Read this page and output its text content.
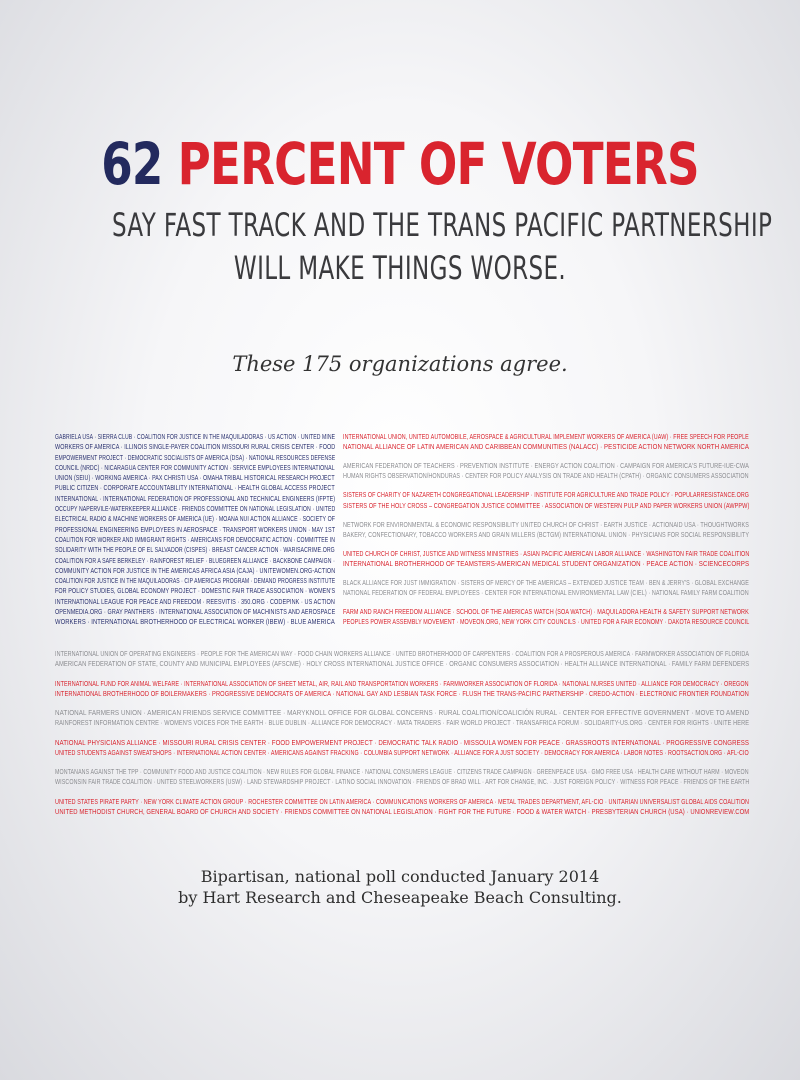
62 PERCENT OF VOTERS
SAY FAST TRACK AND THE TRANS PACIFIC PARTNERSHIP
WILL MAKE THINGS WORSE.
These 175 organizations agree.
GABRIELA USA · SIERRA CLUB · COALITION FOR JUSTICE IN THE MAQUILADORAS · US ACTION · UNITED MINE
WORKERS OF AMERICA · ILLINOIS SINGLE-PAYER COALITION MISSOURI RURAL CRISIS CENTER · FOOD
EMPOWERMENT PROJECT · DEMOCRATIC SOCIALISTS OF AMERICA (DSA) · NATIONAL RESOURCES DEFENSE
COUNCIL (NRDC) · NICARAGUA CENTER FOR COMMUNITY ACTION · SERVICE EMPLOYEES INTERNATIONAL
UNION (SEIU) · WORKING AMERICA · PAX CHRISTI USA · OMAHA TRIBAL HISTORICAL RESEARCH PROJECT
PUBLIC CITIZEN · CORPORATE ACCOUNTABILITY INTERNATIONAL · HEALTH GLOBAL ACCESS PROJECT
INTERNATIONAL · INTERNATIONAL FEDERATION OF PROFESSIONAL AND TECHNICAL ENGINEERS (IFPTE)
OCCUPY NAPERVILE-WATERKEEPER ALLIANCE · FRIENDS COMMITTEE ON NATIONAL LEGISLATION · UNITED
ELECTRICAL RADIO & MACHINE WORKERS OF AMERICA (UE) · MOANA NUI ACTION ALLIANCE · SOCIETY OF
PROFESSIONAL ENGINEERING EMPLOYEES IN AEROSPACE · TRANSPORT WORKERS UNION · MAY 1ST
COALITION FOR WORKER AND IMMIGRANT RIGHTS · AMERICANS FOR DEMOCRATIC ACTION · COMMITTEE IN
SOLIDARITY WITH THE PEOPLE OF EL SALVADOR (CISPES) · BREAST CANCER ACTION · WARISACRIME.ORG
COALITION FOR A SAFE BERKELEY · RAINFOREST RELIEF · BLUEGREEN ALLIANCE · BACKBONE CAMPAIGN ·
COMMUNITY ACTION FOR JUSTICE IN THE AMERICAS AFRICA ASIA (CAJA) · UNITEWOMEN.ORG-ACTION
COALITION FOR JUSTICE IN THE MAQUILADORAS · CIP AMERICAS PROGRAM · DEMAND PROGRESS INSTITUTE
FOR POLICY STUDIES, GLOBAL ECONOMY PROJECT · DOMESTIC FAIR TRADE ASSOCIATION · WOMEN'S
INTERNATIONAL LEAGUE FOR PEACE AND FREEDOM · REESVITIS · 350.ORG · CODEPINK · US ACTION
OPENMEDIA.ORG · GRAY PANTHERS · INTERNATIONAL ASSOCIATION OF MACHINISTS AND AEROSPACE
WORKERS · INTERNATIONAL BROTHERHOOD OF ELECTRICAL WORKER (IBEW) · BLUE AMERICA
INTERNATIONAL UNION, UNITED AUTOMOBILE, AEROSPACE & AGRICULTURAL IMPLEMENT WORKERS OF AMERICA (UAW) · FREE SPEECH FOR PEOPLE
NATIONAL ALLIANCE OF LATIN AMERICAN AND CARIBBEAN COMMUNITIES (NALACC) · PESTICIDE ACTION NETWORK NORTH AMERICA
AMERICAN FEDERATION OF TEACHERS · PREVENTION INSTITUTE · ENERGY ACTION COALITION · CAMPAIGN FOR AMERICA'S FUTURE-IUE-CWA
HUMAN RIGHTS OBSERVATION/HONDURAS · CENTER FOR POLICY ANALYSIS ON TRADE AND HEALTH (CPATH) · ORGANIC CONSUMERS ASSOCIATION
SISTERS OF CHARITY OF NAZARETH CONGREGATIONAL LEADERSHIP · INSTITUTE FOR AGRICULTURE AND TRADE POLICY · POPULARRESISTANCE.ORG
SISTERS OF THE HOLY CROSS – CONGREGATION JUSTICE COMMITTEE · ASSOCIATION OF WESTERN PULP AND PAPER WORKERS UNION (AWPPW)
NETWORK FOR ENVIRONMENTAL & ECONOMIC RESPONSIBILITY UNITED CHURCH OF CHRIST · EARTH JUSTICE · ACTIONAID USA · THOUGHTWORKS
BAKERY, CONFECTIONARY, TOBACCO WORKERS AND GRAIN MILLERS (BCTGM) INTERNATIONAL UNION · PHYSICIANS FOR SOCIAL RESPONSIBILITY
UNITED CHURCH OF CHRIST, JUSTICE AND WITNESS MINISTRIES · ASIAN PACIFIC AMERICAN LABOR ALLIANCE · WASHINGTON FAIR TRADE COALITION
INTERNATIONAL BROTHERHOOD OF TEAMSTERS-AMERICAN MEDICAL STUDENT ORGANIZATION · PEACE ACTION · SCIENCECORPS
BLACK ALLIANCE FOR JUST IMMIGRATION · SISTERS OF MERCY OF THE AMERICAS – EXTENDED JUSTICE TEAM · BEN & JERRY'S · GLOBAL EXCHANGE
NATIONAL FEDERATION OF FEDERAL EMPLOYEES · CENTER FOR INTERNATIONAL ENVIRONMENTAL LAW (CIEL) · NATIONAL FAMILY FARM COALITION
FARM AND RANCH FREEDOM ALLIANCE · SCHOOL OF THE AMERICAS WATCH (SOA WATCH) · MAQUILADORA HEALTH & SAFETY SUPPORT NETWORK
PEOPLES POWER ASSEMBLY MOVEMENT · MOVEON.ORG, NEW YORK CITY COUNCILS · UNITED FOR A FAIR ECONOMY · DAKOTA RESOURCE COUNCIL
INTERNATIONAL UNION OF OPERATING ENGINEERS · PEOPLE FOR THE AMERICAN WAY · FOOD CHAIN WORKERS ALLIANCE · UNITED BROTHERHOOD OF CARPENTERS · COALITION FOR A PROSPEROUS AMERICA · FARMWORKER ASSOCIATION OF FLORIDA
AMERICAN FEDERATION OF STATE, COUNTY AND MUNICIPAL EMPLOYEES (AFSCME) · HOLY CROSS INTERNATIONAL JUSTICE OFFICE · ORGANIC CONSUMERS ASSOCIATION · HEALTH ALLIANCE INTERNATIONAL · FAMILY FARM DEFENDERS
INTERNATIONAL FUND FOR ANIMAL WELFARE · INTERNATIONAL ASSOCIATION OF SHEET METAL, AIR, RAIL AND TRANSPORTATION WORKERS · FARMWORKER ASSOCIATION OF FLORIDA · NATIONAL NURSES UNITED · ALLIANCE FOR DEMOCRACY · OREGON
INTERNATIONAL BROTHERHOOD OF BOILERMAKERS · PROGRESSIVE DEMOCRATS OF AMERICA · NATIONAL GAY AND LESBIAN TASK FORCE · FLUSH THE TRANS-PACIFIC PARTNERSHIP · CREDO-ACTION · ELECTRONIC FRONTIER FOUNDATION
NATIONAL FARMERS UNION · AMERICAN FRIENDS SERVICE COMMITTEE · MARYKNOLL OFFICE FOR GLOBAL CONCERNS · RURAL COALITION/COALICIÓN RURAL · CENTER FOR EFFECTIVE GOVERNMENT · MOVE TO AMEND
RAINFOREST INFORMATION CENTRE · WOMEN'S VOICES FOR THE EARTH · BLUE DUBLIN · ALLIANCE FOR DEMOCRACY · MATA TRADERS · FAIR WORLD PROJECT · TRANSAFRICA FORUM · SOLIDARITY-US.ORG · CENTER FOR RIGHTS · UNITE HERE
NATIONAL PHYSICIANS ALLIANCE · MISSOURI RURAL CRISIS CENTER · FOOD EMPOWERMENT PROJECT · DEMOCRATIC TALK RADIO · MISSOULA WOMEN FOR PEACE · GRASSROOTS INTERNATIONAL · PROGRESSIVE CONGRESS
UNITED STUDENTS AGAINST SWEATSHOPS · INTERNATIONAL ACTION CENTER · AMERICANS AGAINST FRACKING · COLUMBIA SUPPORT NETWORK · ALLIANCE FOR A JUST SOCIETY · DEMOCRACY FOR AMERICA · LABOR NOTES · ROOTSACTION.ORG · AFL-CIO
MONTANANS AGAINST THE TPP · COMMUNITY FOOD AND JUSTICE COALITION · NEW RULES FOR GLOBAL FINANCE · NATIONAL CONSUMERS LEAGUE · CITIZENS TRADE CAMPAIGN · GREENPEACE USA · GMO FREE USA · HEALTH CARE WITHOUT HARM · MOVEON
WISCONSIN FAIR TRADE COALITION · UNITED STEELWORKERS (USW) · LAND STEWARDSHIP PROJECT · LATINO SOCIAL INNOVATION · FRIENDS OF BRAD WILL · ART FOR CHANGE, INC. · JUST FOREIGN POLICY · WITNESS FOR PEACE · FRIENDS OF THE EARTH
UNITED STATES PIRATE PARTY · NEW YORK CLIMATE ACTION GROUP · ROCHESTER COMMITTEE ON LATIN AMERICA · COMMUNICATIONS WORKERS OF AMERICA · METAL TRADES DEPARTMENT, AFL-CIO · UNITARIAN UNIVERSALIST GLOBAL AIDS COALITION
UNITED METHODIST CHURCH, GENERAL BOARD OF CHURCH AND SOCIETY · FRIENDS COMMITTEE ON NATIONAL LEGISLATION · FIGHT FOR THE FUTURE · FOOD & WATER WATCH · PRESBYTERIAN CHURCH (USA) · UNIONREVIEW.COM
Bipartisan, national poll conducted January 2014
by Hart Research and Cheseapeake Beach Consulting.
